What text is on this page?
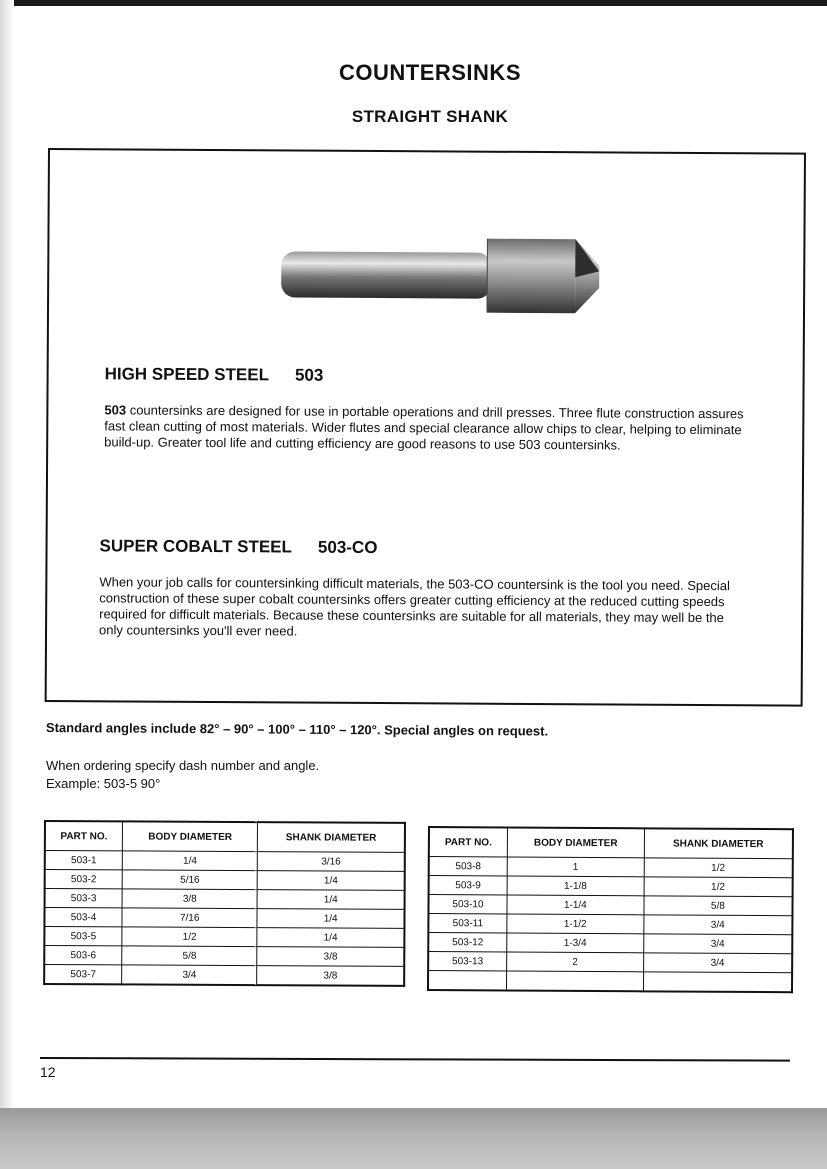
COUNTERSINKS
STRAIGHT SHANK
HIGH SPEED STEEL 503
503 countersinks are designed for use in portable operations and drill presses. Three flute construction assures fast clean cutting of most materials. Wider flutes and special clearance allow chips to clear, helping to eliminate build-up. Greater tool life and cutting efficiency are good reasons to use 503 countersinks.
SUPER COBALT STEEL 503-CO
When your job calls for countersinking difficult materials, the 503-CO countersink is the tool you need. Special construction of these super cobalt countersinks offers greater cutting efficiency at the reduced cutting speeds required for difficult materials. Because these countersinks are suitable for all materials, they may well be the only countersinks you'll ever need.
Standard angles include 82° – 90° – 100° – 110° – 120°. Special angles on request.
When ordering specify dash number and angle.
Example: 503-5 90°
PART NO.	BODY DIAMETER	SHANK DIAMETER
503-1	1/4	3/16
503-2	5/16	1/4
503-3	3/8	1/4
503-4	7/16	1/4
503-5	1/2	1/4
503-6	5/8	3/8
503-7	3/4	3/8
PART NO.	BODY DIAMETER	SHANK DIAMETER
503-8	1	1/2
503-9	1-1/8	1/2
503-10	1-1/4	5/8
503-11	1-1/2	3/4
503-12	1-3/4	3/4
503-13	2	3/4

12
